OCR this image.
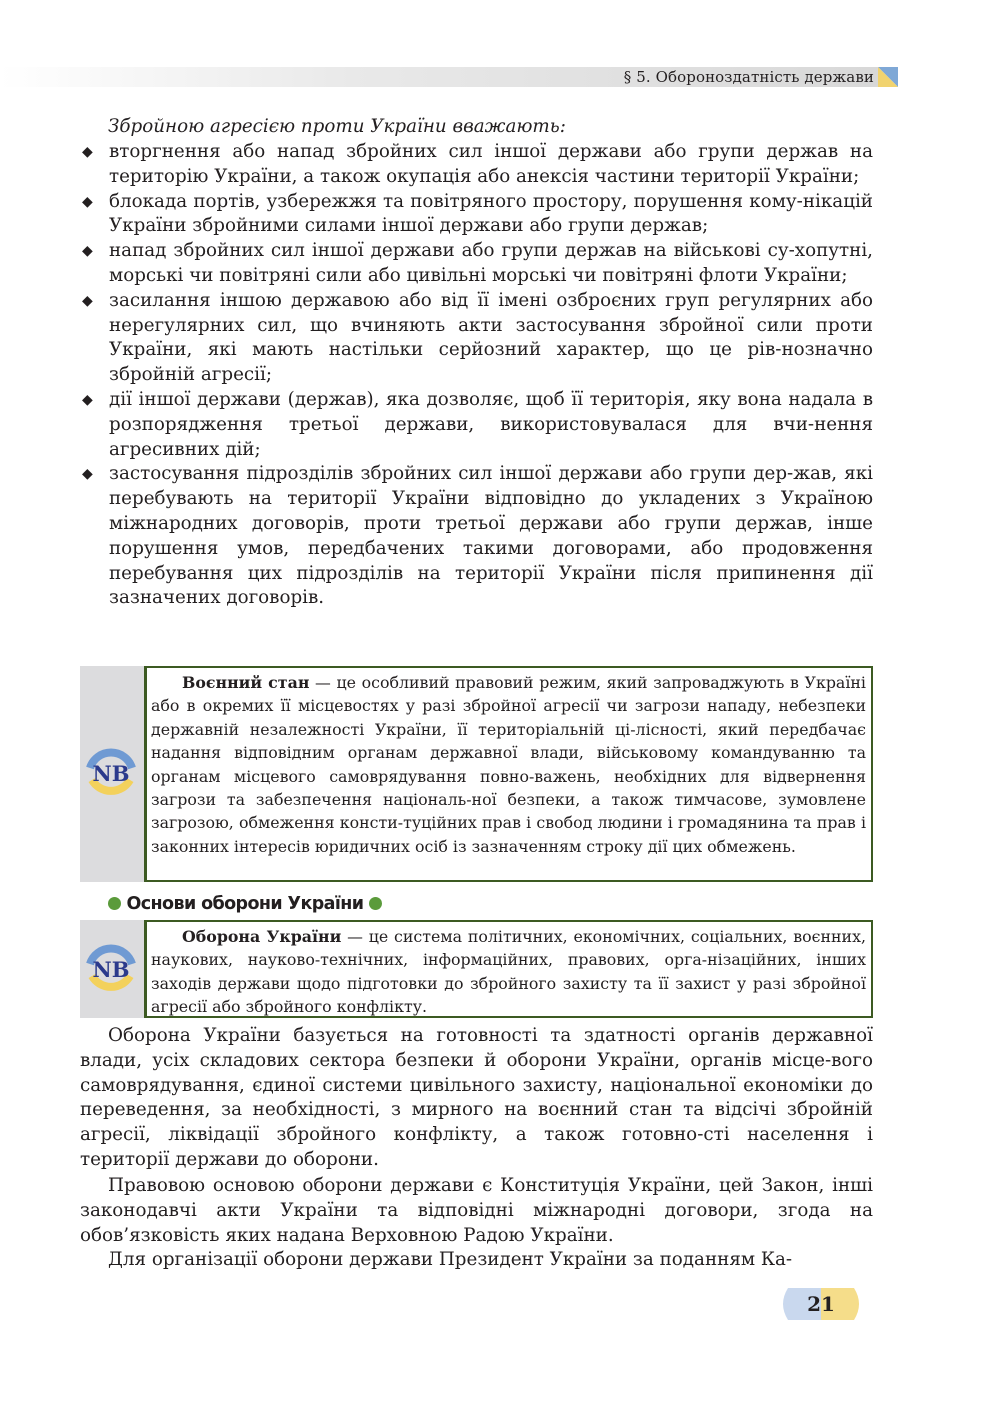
§ 5. Обороноздатність держави
Збройною агресією проти України вважають:
◆ вторгнення або напад збройних сил іншої держави або групи держав на територію України, а також окупація або анексія частини території України;
◆ блокада портів, узбережжя та повітряного простору, порушення кому-нікацій України збройними силами іншої держави або групи держав;
◆ напад збройних сил іншої держави або групи держав на військові су-хопутні, морські чи повітряні сили або цивільні морські чи повітряні флоти України;
◆ засилання іншою державою або від її імені озброєних груп регулярних або нерегулярних сил, що вчиняють акти застосування збройної сили проти України, які мають настільки серйозний характер, що це рів-нозначно збройній агресії;
◆ дії іншої держави (держав), яка дозволяє, щоб її територія, яку вона надала в розпорядження третьої держави, використовувалася для вчи-нення агресивних дій;
◆ застосування підрозділів збройних сил іншої держави або групи дер-жав, які перебувають на території України відповідно до укладених з Україною міжнародних договорів, проти третьої держави або групи держав, інше порушення умов, передбачених такими договорами, або продовження перебування цих підрозділів на території України після припинення дії зазначених договорів.
NB
Воєнний стан — це особливий правовий режим, який запроваджують в Україні або в окремих її місцевостях у разі збройної агресії чи загрози нападу, небезпеки державній незалежності України, її територіальній ці-лісності, який передбачає надання відповідним органам державної влади, військовому командуванню та органам місцевого самоврядування повно-важень, необхідних для відвернення загрози та забезпечення національ-ної безпеки, а також тимчасове, зумовлене загрозою, обмеження консти-туційних прав і свобод людини і громадянина та прав і законних інтересів юридичних осіб із зазначенням строку дії цих обмежень.
Основи оборони України
NB
Оборона України — це система політичних, економічних, соціальних, воєнних, наукових, науково-технічних, інформаційних, правових, орга-нізаційних, інших заходів держави щодо підготовки до збройного захисту та її захист у разі збройної агресії або збройного конфлікту.
Оборона України базується на готовності та здатності органів державної влади, усіх складових сектора безпеки й оборони України, органів місце-вого самоврядування, єдиної системи цивільного захисту, національної економіки до переведення, за необхідності, з мирного на воєнний стан та відсічі збройній агресії, ліквідації збройного конфлікту, а також готовно-сті населення і території держави до оборони.
Правовою основою оборони держави є Конституція України, цей Закон, інші законодавчі акти України та відповідні міжнародні договори, згода на обов’язковість яких надана Верховною Радою України.
Для організації оборони держави Президент України за поданням Ка-
21
